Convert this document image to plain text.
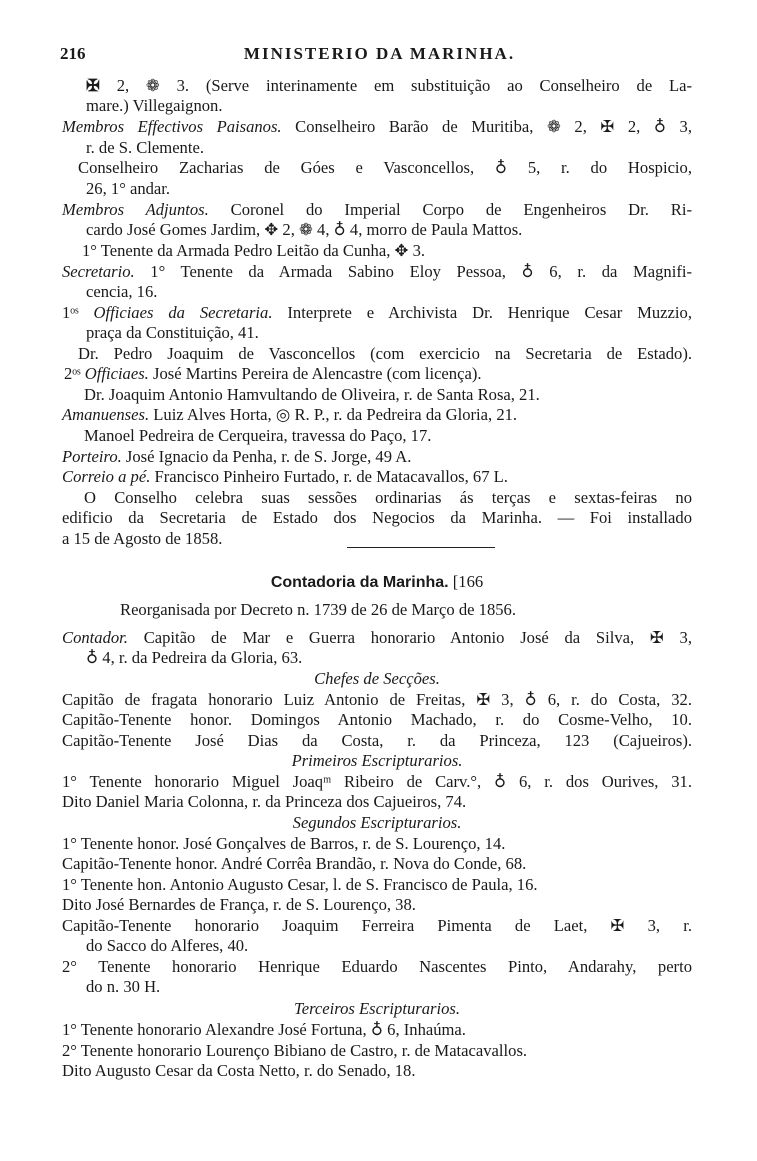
216	MINISTERIO DA MARINHA.
✠ 2, ❁ 3. (Serve interinamente em substituição ao Conselheiro de La-
mare.) Villegaignon.
Membros Effectivos Paisanos. Conselheiro Barão de Muritiba, ❁ 2, ✠ 2, ♁ 3,
r. de S. Clemente.
Conselheiro Zacharias de Góes e Vasconcellos, ♁ 5, r. do Hospicio,
26, 1° andar.
Membros Adjuntos. Coronel do Imperial Corpo de Engenheiros Dr. Ri-
cardo José Gomes Jardim, ✥ 2, ❁ 4, ♁ 4, morro de Paula Mattos.
1° Tenente da Armada Pedro Leitão da Cunha, ✥ 3.
Secretario. 1° Tenente da Armada Sabino Eloy Pessoa, ♁ 6, r. da Magnifi-
cencia, 16.
1ᵒˢ Officiaes da Secretaria. Interprete e Archivista Dr. Henrique Cesar Muzzio,
praça da Constituição, 41.
Dr. Pedro Joaquim de Vasconcellos (com exercicio na Secretaria de Estado).
2ᵒˢ Officiaes. José Martins Pereira de Alencastre (com licença).
Dr. Joaquim Antonio Hamvultando de Oliveira, r. de Santa Rosa, 21.
Amanuenses. Luiz Alves Horta, ◎ R. P., r. da Pedreira da Gloria, 21.
Manoel Pedreira de Cerqueira, travessa do Paço, 17.
Porteiro. José Ignacio da Penha, r. de S. Jorge, 49 A.
Correio a pé. Francisco Pinheiro Furtado, r. de Matacavallos, 67 L.
O Conselho celebra suas sessões ordinarias ás terças e sextas-feiras no
edificio da Secretaria de Estado dos Negocios da Marinha. — Foi installado
a 15 de Agosto de 1858.
Contadoria da Marinha. [166
Reorganisada por Decreto n. 1739 de 26 de Março de 1856.
Contador. Capitão de Mar e Guerra honorario Antonio José da Silva, ✠ 3,
♁ 4, r. da Pedreira da Gloria, 63.
Chefes de Secções.
Capitão de fragata honorario Luiz Antonio de Freitas, ✠ 3, ♁ 6, r. do Costa, 32.
Capitão-Tenente honor. Domingos Antonio Machado, r. do Cosme-Velho, 10.
Capitão-Tenente José Dias da Costa, r. da Princeza, 123 (Cajueiros).
Primeiros Escripturarios.
1° Tenente honorario Miguel Joaqᵐ Ribeiro de Carv.°, ♁ 6, r. dos Ourives, 31.
Dito Daniel Maria Colonna, r. da Princeza dos Cajueiros, 74.
Segundos Escripturarios.
1° Tenente honor. José Gonçalves de Barros, r. de S. Lourenço, 14.
Capitão-Tenente honor. André Corrêa Brandão, r. Nova do Conde, 68.
1° Tenente hon. Antonio Augusto Cesar, l. de S. Francisco de Paula, 16.
Dito José Bernardes de França, r. de S. Lourenço, 38.
Capitão-Tenente honorario Joaquim Ferreira Pimenta de Laet, ✠ 3, r.
do Sacco do Alferes, 40.
2° Tenente honorario Henrique Eduardo Nascentes Pinto, Andarahy, perto
do n. 30 H.
Terceiros Escripturarios.
1° Tenente honorario Alexandre José Fortuna, ♁ 6, Inhaúma.
2° Tenente honorario Lourenço Bibiano de Castro, r. de Matacavallos.
Dito Augusto Cesar da Costa Netto, r. do Senado, 18.
